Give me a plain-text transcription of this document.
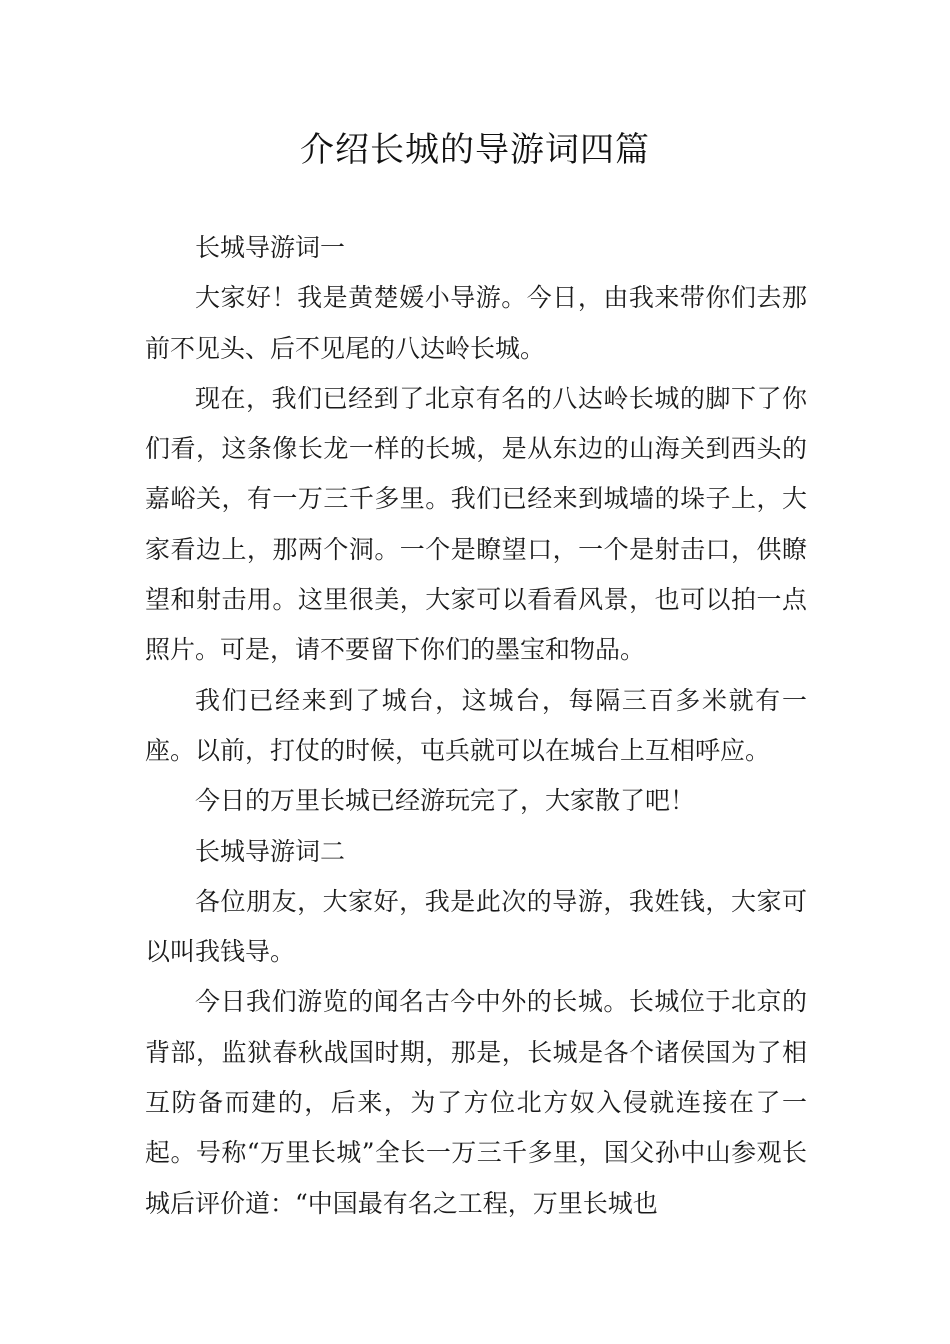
介绍长城的导游词四篇

长城导游词一

大家好！我是黄楚媛小导游。今日，由我来带你们去那前不见头、后不见尾的八达岭长城。

现在，我们已经到了北京有名的八达岭长城的脚下了你们看，这条像长龙一样的长城，是从东边的山海关到西头的嘉峪关，有一万三千多里。我们已经来到城墙的垛子上，大家看边上，那两个洞。一个是瞭望口，一个是射击口，供瞭望和射击用。这里很美，大家可以看看风景，也可以拍一点照片。可是，请不要留下你们的墨宝和物品。

我们已经来到了城台，这城台，每隔三百多米就有一座。以前，打仗的时候，屯兵就可以在城台上互相呼应。

今日的万里长城已经游玩完了，大家散了吧！

长城导游词二

各位朋友，大家好，我是此次的导游，我姓钱，大家可以叫我钱导。

今日我们游览的闻名古今中外的长城。长城位于北京的背部，监狱春秋战国时期，那是，长城是各个诸侯国为了相互防备而建的，后来，为了方位北方奴入侵就连接在了一起。号称“万里长城”全长一万三千多里，国父孙中山参观长城后评价道：“中国最有名之工程，万里长城也
